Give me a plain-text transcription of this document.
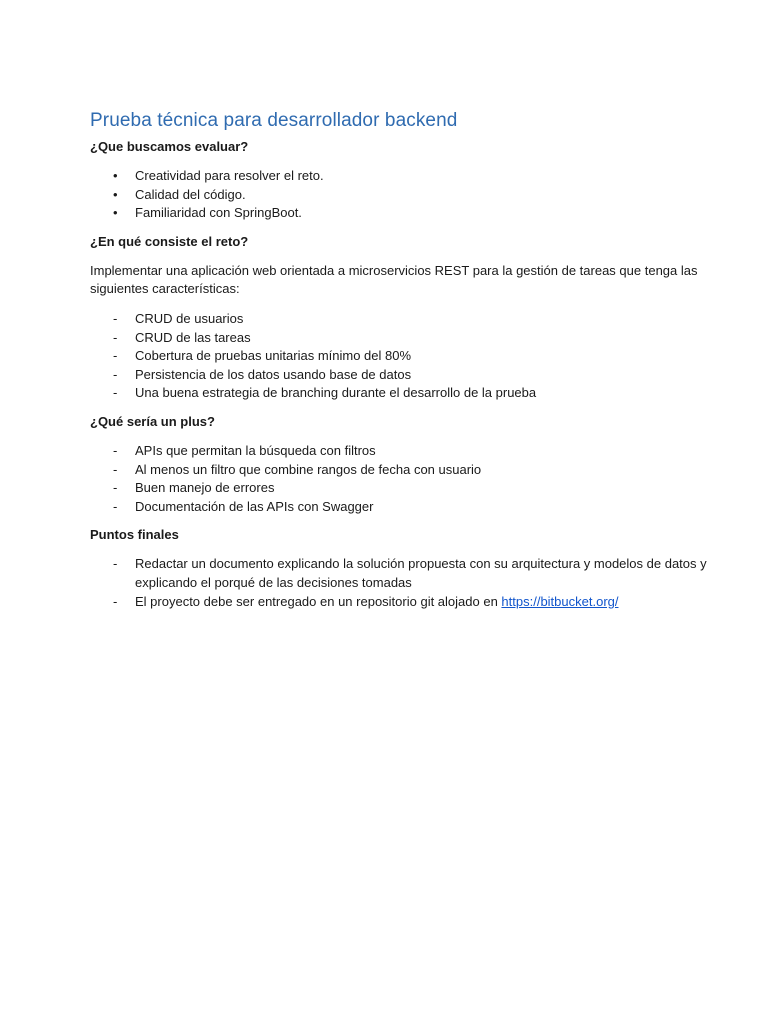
Prueba técnica para desarrollador backend

¿Que buscamos evaluar?

• Creatividad para resolver el reto.
• Calidad del código.
• Familiaridad con SpringBoot.

¿En qué consiste el reto?

Implementar una aplicación web orientada a microservicios REST para la gestión de tareas que tenga las siguientes características:

- CRUD de usuarios
- CRUD de las tareas
- Cobertura de pruebas unitarias mínimo del 80%
- Persistencia de los datos usando base de datos
- Una buena estrategia de branching durante el desarrollo de la prueba

¿Qué sería un plus?

- APIs que permitan la búsqueda con filtros
- Al menos un filtro que combine rangos de fecha con usuario
- Buen manejo de errores
- Documentación de las APIs con Swagger

Puntos finales

- Redactar un documento explicando la solución propuesta con su arquitectura y modelos de datos y explicando el porqué de las decisiones tomadas
- El proyecto debe ser entregado en un repositorio git alojado en https://bitbucket.org/
